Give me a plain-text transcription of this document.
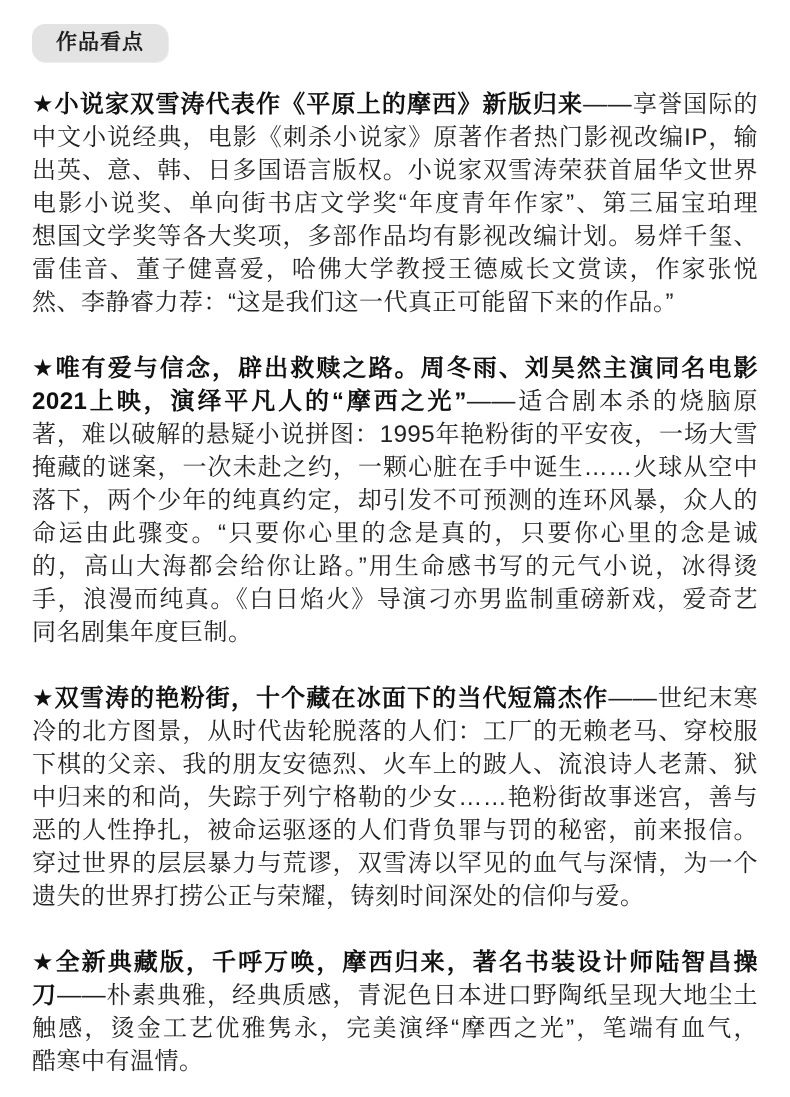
作品看点
★小说家双雪涛代表作《平原上的摩西》新版归来——享誉国际的
中文小说经典，电影《刺杀小说家》原著作者热门影视改编IP，输
出英、意、韩、日多国语言版权。小说家双雪涛荣获首届华文世界
电影小说奖、单向街书店文学奖“年度青年作家”、第三届宝珀理
想国文学奖等各大奖项，多部作品均有影视改编计划。易烊千玺、
雷佳音、董子健喜爱，哈佛大学教授王德威长文赏读，作家张悦
然、李静睿力荐：“这是我们这一代真正可能留下来的作品。”
★唯有爱与信念，辟出救赎之路。周冬雨、刘昊然主演同名电影
2021上映，演绎平凡人的“摩西之光”——适合剧本杀的烧脑原
著，难以破解的悬疑小说拼图：1995年艳粉街的平安夜，一场大雪
掩藏的谜案，一次未赴之约，一颗心脏在手中诞生……火球从空中
落下，两个少年的纯真约定，却引发不可预测的连环风暴，众人的
命运由此骤变。“只要你心里的念是真的，只要你心里的念是诚
的，高山大海都会给你让路。”用生命感书写的元气小说，冰得烫
手，浪漫而纯真。《白日焰火》导演刁亦男监制重磅新戏，爱奇艺
同名剧集年度巨制。
★双雪涛的艳粉街，十个藏在冰面下的当代短篇杰作——世纪末寒
冷的北方图景，从时代齿轮脱落的人们：工厂的无赖老马、穿校服
下棋的父亲、我的朋友安德烈、火车上的跛人、流浪诗人老萧、狱
中归来的和尚，失踪于列宁格勒的少女……艳粉街故事迷宫，善与
恶的人性挣扎，被命运驱逐的人们背负罪与罚的秘密，前来报信。
穿过世界的层层暴力与荒谬，双雪涛以罕见的血气与深情，为一个
遗失的世界打捞公正与荣耀，铸刻时间深处的信仰与爱。
★全新典藏版，千呼万唤，摩西归来，著名书装设计师陆智昌操
刀——朴素典雅，经典质感，青泥色日本进口野陶纸呈现大地尘土
触感，烫金工艺优雅隽永，完美演绎“摩西之光”，笔端有血气，
酷寒中有温情。
